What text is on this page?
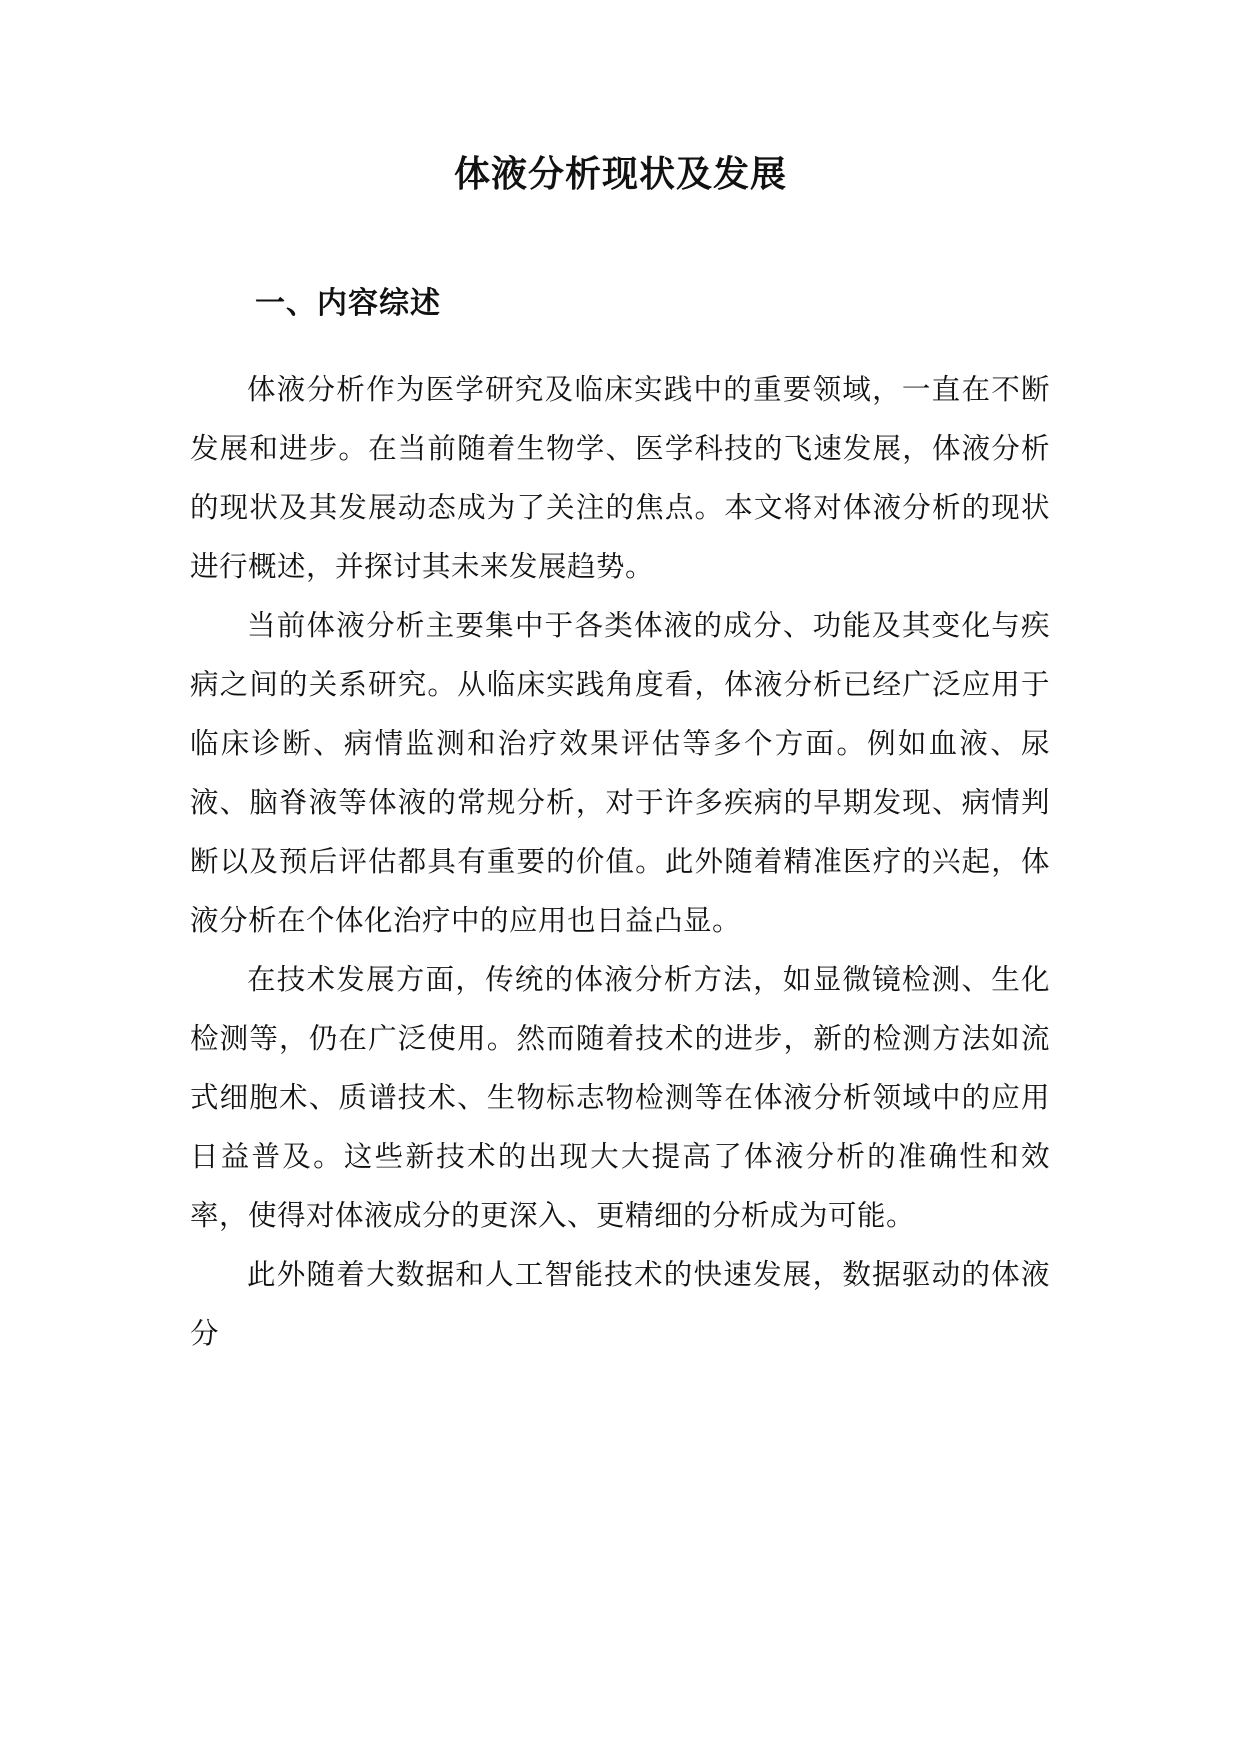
体液分析现状及发展
一、内容综述

体液分析作为医学研究及临床实践中的重要领域，一直在不断发展和进步。在当前随着生物学、医学科技的飞速发展，体液分析的现状及其发展动态成为了关注的焦点。本文将对体液分析的现状进行概述，并探讨其未来发展趋势。

当前体液分析主要集中于各类体液的成分、功能及其变化与疾病之间的关系研究。从临床实践角度看，体液分析已经广泛应用于临床诊断、病情监测和治疗效果评估等多个方面。例如血液、尿液、脑脊液等体液的常规分析，对于许多疾病的早期发现、病情判断以及预后评估都具有重要的价值。此外随着精准医疗的兴起，体液分析在个体化治疗中的应用也日益凸显。

在技术发展方面，传统的体液分析方法，如显微镜检测、生化检测等，仍在广泛使用。然而随着技术的进步，新的检测方法如流式细胞术、质谱技术、生物标志物检测等在体液分析领域中的应用日益普及。这些新技术的出现大大提高了体液分析的准确性和效率，使得对体液成分的更深入、更精细的分析成为可能。

此外随着大数据和人工智能技术的快速发展，数据驱动的体液分
